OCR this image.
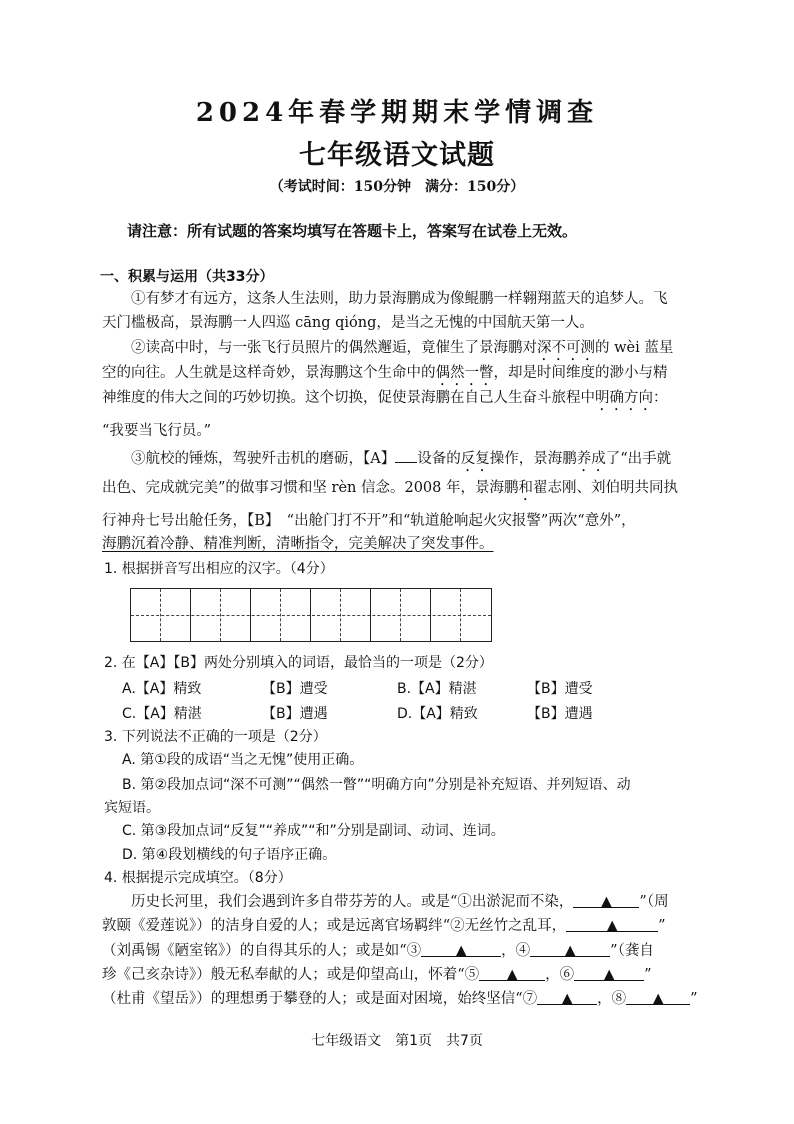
2024年春学期期末学情调查
七年级语文试题
（考试时间：150分钟　满分：150分）
请注意：所有试题的答案均填写在答题卡上，答案写在试卷上无效。
一、积累与运用（共33分）
①有梦才有远方，这条人生法则，助力景海鹏成为像鲲鹏一样翱翔蓝天的追梦人。飞
天门槛极高，景海鹏一人四巡 cāng qióng，是当之无愧的中国航天第一人。
②读高中时，与一张飞行员照片的偶然邂逅，竟催生了景海鹏对深不可测的 wèi 蓝星
空的向往。人生就是这样奇妙，景海鹏这个生命中的偶然一瞥，却是时间维度的渺小与精
神维度的伟大之间的巧妙切换。这个切换，促使景海鹏在自己人生奋斗旅程中明确方向：
“我要当飞行员。”
③航校的锤炼，驾驶歼击机的磨砺，【A】 设备的反复操作，景海鹏养成了“出手就
出色、完成就完美”的做事习惯和坚 rèn 信念。2008 年，景海鹏和翟志刚、刘伯明共同执
行神舟七号出舱任务，【B】　“出舱门打不开”和“轨道舱响起火灾报警”两次“意外”，
海鹏沉着冷静、精准判断，清晰指令，完美解决了突发事件。
1. 根据拼音写出相应的汉字。（4分）
2. 在【A】【B】两处分别填入的词语，最恰当的一项是（2分）
A.【A】精致	【B】遭受	B.【A】精湛	【B】遭受
C.【A】精湛	【B】遭遇	D.【A】精致	【B】遭遇
3. 下列说法不正确的一项是（2分）
A. 第①段的成语“当之无愧”使用正确。
B. 第②段加点词“深不可测”“偶然一瞥”“明确方向”分别是补充短语、并列短语、动
宾短语。
C. 第③段加点词“反复”“养成”“和”分别是副词、动词、连词。
D. 第④段划横线的句子语序正确。
4. 根据提示完成填空。（8分）
历史长河里，我们会遇到许多自带芬芳的人。或是“①出淤泥而不染， ▲ ”（周
敦颐《爱莲说》）的洁身自爱的人；或是远离官场羁绊“②无丝竹之乱耳，	▲	”
（刘禹锡《陋室铭》）的自得其乐的人；或是如“③ ▲ ，④ ▲ ”（龚自
珍《己亥杂诗》）般无私奉献的人；或是仰望高山，怀着“⑤ ▲ ，⑥ ▲ ”
（杜甫《望岳》）的理想勇于攀登的人；或是面对困境，始终坚信“⑦ ▲ ，⑧ ▲ ”
七年级语文　第1页　共7页
